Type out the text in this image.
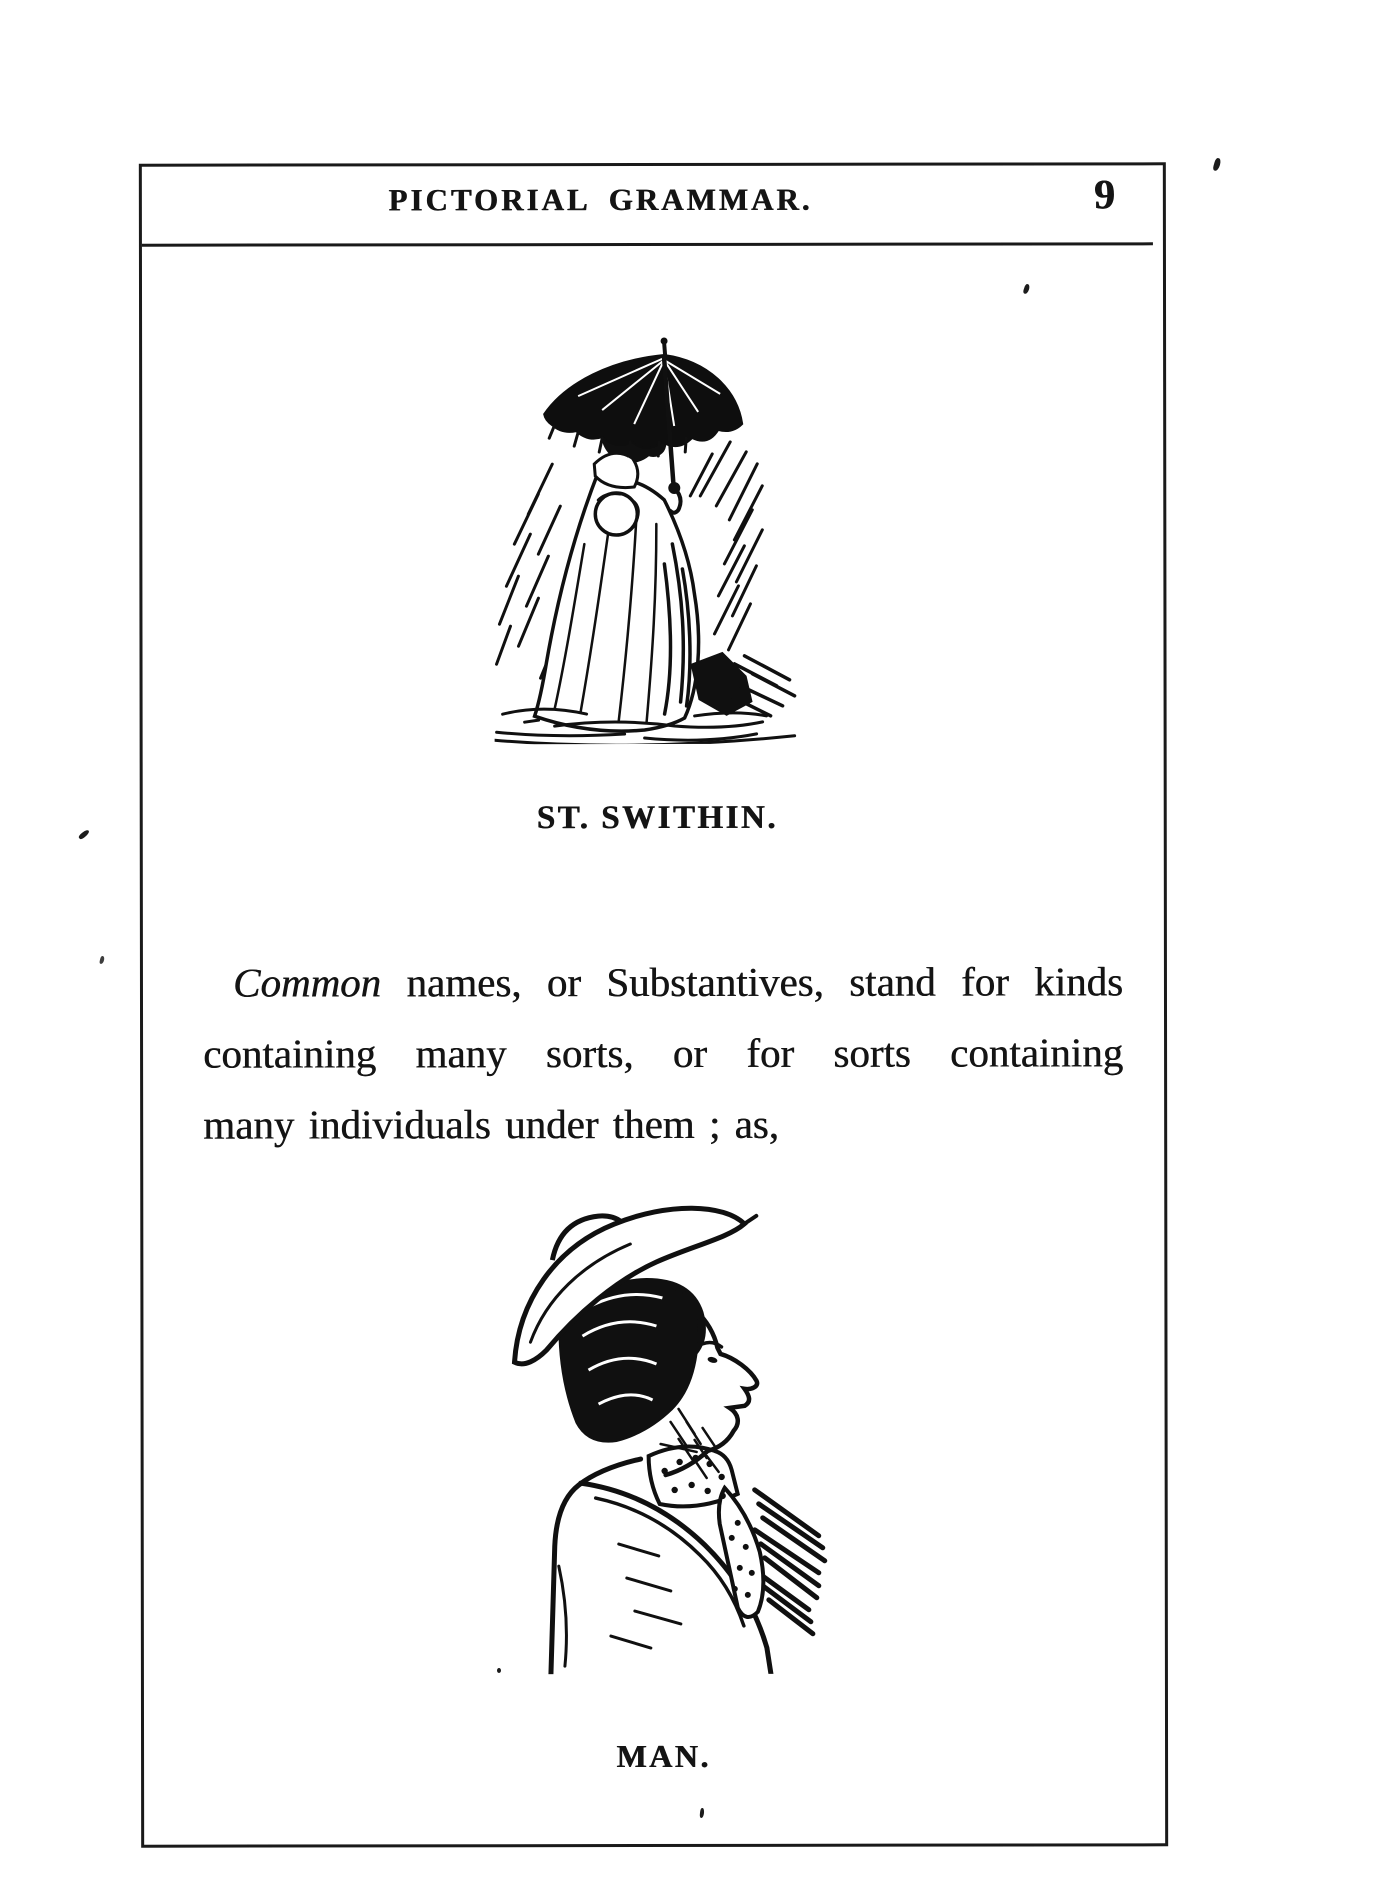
PICTORIAL GRAMMAR.	9
ST. SWITHIN.

Common names, or Substantives, stand for kinds
containing many sorts, or for sorts containing
many individuals under them ; as,

MAN.
